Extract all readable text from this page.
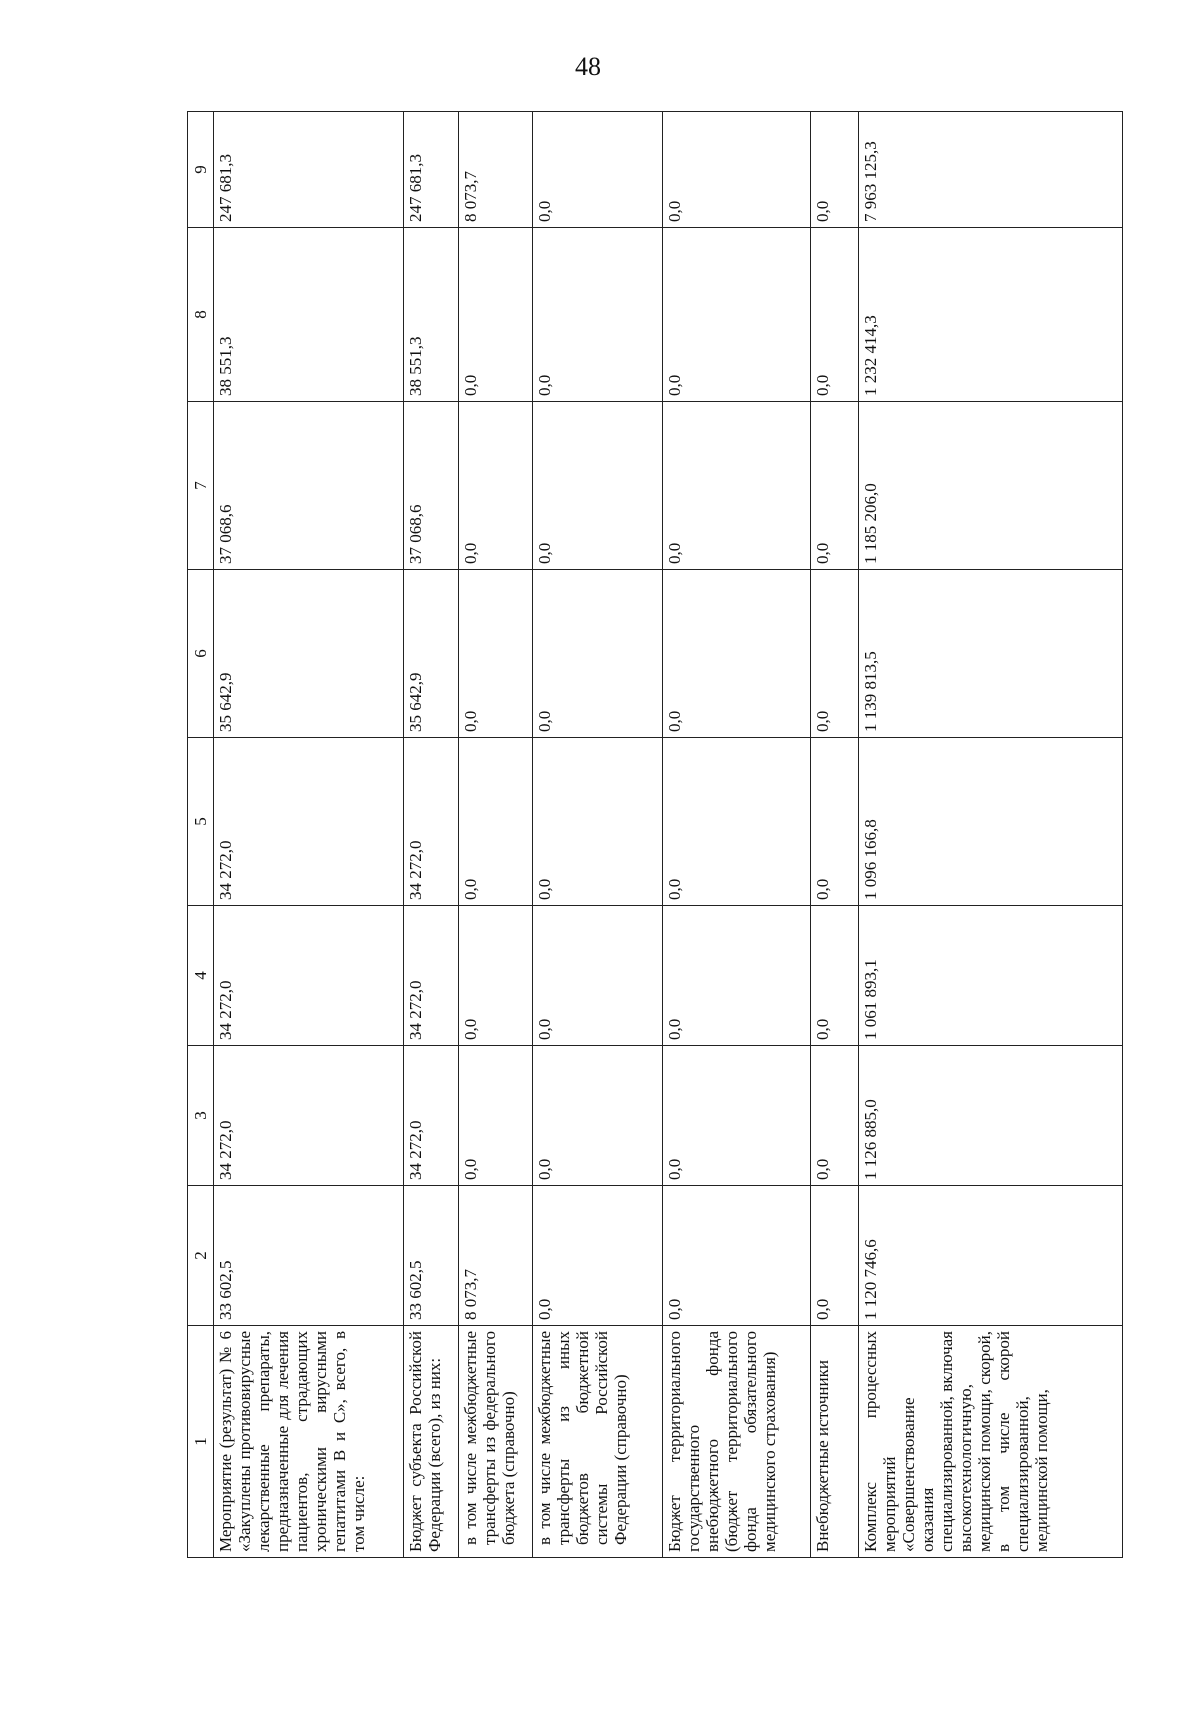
48
1	2	3	4	5	6	7	8	9
Мероприятие (результат) № 6 «Закуплены противовирусные лекарственные препараты, предназначенные для лечения пациентов, страдающих хроническими вирусными гепатитами B и C», всего, в том числе:	33 602,5	34 272,0	34 272,0	34 272,0	35 642,9	37 068,6	38 551,3	247 681,3
Бюджет субъекта Российской Федерации (всего), из них:	33 602,5	34 272,0	34 272,0	34 272,0	35 642,9	37 068,6	38 551,3	247 681,3
в том числе межбюджетные трансферты из федерального бюджета (справочно)	8 073,7	0,0	0,0	0,0	0,0	0,0	0,0	8 073,7
в том числе межбюджетные трансферты из иных бюджетов бюджетной системы Российской Федерации (справочно)	0,0	0,0	0,0	0,0	0,0	0,0	0,0	0,0
Бюджет территориального государственного внебюджетного фонда (бюджет территориального фонда обязательного медицинского страхования)	0,0	0,0	0,0	0,0	0,0	0,0	0,0	0,0
Внебюджетные источники	0,0	0,0	0,0	0,0	0,0	0,0	0,0	0,0
Комплекс процессных мероприятий «Совершенствование оказания специализированной, включая высокотехнологичную, медицинской помощи, скорой, в том числе скорой специализированной, медицинской помощи,	1 120 746,6	1 126 885,0	1 061 893,1	1 096 166,8	1 139 813,5	1 185 206,0	1 232 414,3	7 963 125,3
